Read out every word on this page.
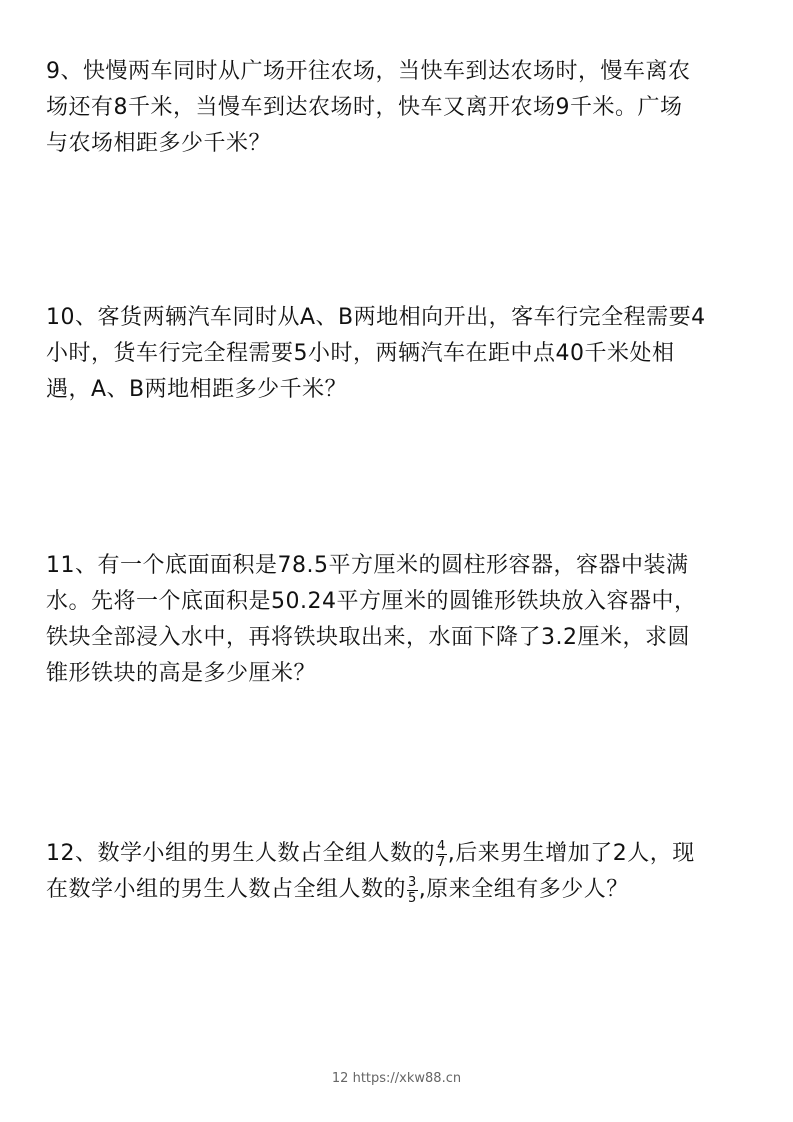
9、快慢两车同时从广场开往农场，当快车到达农场时，慢车离农
场还有8千米，当慢车到达农场时，快车又离开农场9千米。广场
与农场相距多少千米？
10、客货两辆汽车同时从A、B两地相向开出，客车行完全程需要4
小时，货车行完全程需要5小时，两辆汽车在距中点40千米处相
遇，A、B两地相距多少千米？
11、有一个底面面积是78.5平方厘米的圆柱形容器，容器中装满
水。先将一个底面积是50.24平方厘米的圆锥形铁块放入容器中，
铁块全部浸入水中，再将铁块取出来，水面下降了3.2厘米，求圆
锥形铁块的高是多少厘米？
12、数学小组的男生人数占全组人数的 $\frac{4}{7}$ ,后来男生增加了2人，现
在数学小组的男生人数占全组人数的 $\frac{3}{5}$ ,原来全组有多少人？
12 https://xkw88.cn
